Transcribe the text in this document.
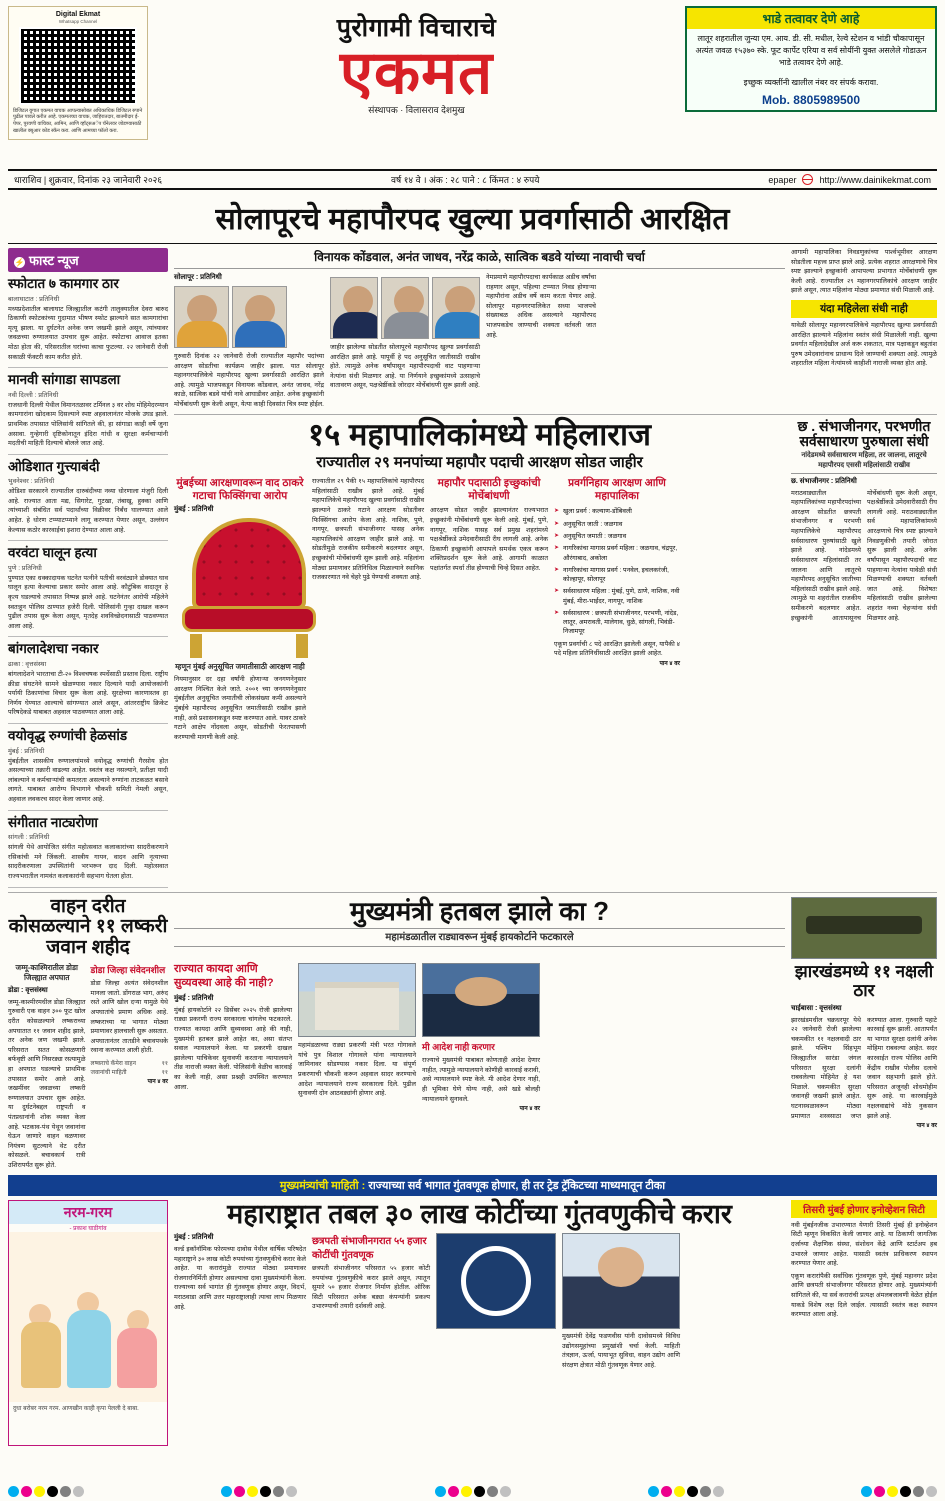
Digital Ekmat
Whatsapp Channel
डिजिटल युगात एकमत वाचक आपल्यासोबत अधिकाधिक डिजिटल रुपाने पुढील पावले करीत आहे. एकमतच्या वाचक, जाहिरातदार, बातमीदार ई-पेपर, पुरवणी वाचिका, आमिन, आणि व्हॉट्सअॅप चॅनेलवर जोडण्यासाठी खालील क्यूआर कोड स्कॅन करा. आणि आमच्या फॉलो करा.
पुरोगामी विचाराचे
एकमत
संस्थापक · विलासराव देशमुख
भाडे तत्वावर देणे आहे
लातूर शहरातील जुन्या एम. आय. डी. सी. मधील, रेल्वे स्टेशन व भांडी चौकापासून अत्यंत जवळ १५३७० स्के. फूट कार्पेट एरिया व सर्व सोयींनी युक्त असलेले गोडाऊन भाडे तत्वावर देणे आहे.
इच्छुक व्यक्तींनी खालील नंबर वर संपर्क करावा.
Mob. 8805989500
धाराशिव | शुक्रवार, दिनांक २३ जानेवारी २०२६	वर्ष १४ वे । अंक : २८ पाने : ८ किंमत : ४ रुपये	epaper	http://www.dainikekmat.com
सोलापूरचे महापौरपद खुल्या प्रवर्गासाठी आरक्षित
⚡ फास्ट न्यूज
स्फोटात ७ कामगार ठार
बालाघाटात : प्रतिनिधी
मध्यप्रदेशातील बालाघाट जिल्ह्यातील कटंगी तालुक्यातील देवरा बारुद ठिकाणी स्फोटकांच्या गुदामात भीषण स्फोट झाल्याने सात कामगारांचा मृत्यू झाला. या दुर्घटनेत अनेक जण जखमी झाले असून, त्यांच्यावर जवळच्या रुग्णालयात उपचार सुरू आहेत. स्फोटाचा आवाज इतका मोठा होता की, परिसरातील घरांच्या काचा फुटल्या. २२ जानेवारी रोजी सकाळी फॅक्टरी काम करीत होते.
मानवी सांगाडा सापडला
नवी दिल्ली : प्रतिनिधी
राजधानी दिल्ली येथील विमानतळावर टर्मिनल ३ वर शोध मोहिमेदरम्यान कामगारांना खोदकाम दिसल्याने स्पष्ट अहवालानंतर मोजके उघड झाले. प्राथमिक तपासात पोलिसांनी सांगितले की, हा सांगाडा काही वर्षे जुना असावा. गुन्हेगारी दृष्टिकोनातून इंदिरा गांधी व सुरक्षा कर्मचाऱ्यांनी मदतीची माहिती दिल्याचे बोलले जात आहे.
ओडिशात गुत्त्याबंदी
भुवनेश्वर : प्रतिनिधी
ओडिशा सरकारने राज्यातील दारुबंदीच्या नव्या धोरणाला मंजुरी दिली आहे. राज्यात आता मद्य, सिगारेट, गुटखा, तंबाखू, हुक्का आणि त्यांच्याशी संबंधित सर्व पदार्थांच्या विक्रीवर निर्बंध घालण्यात आले आहेत. हे धोरण टप्प्याटप्प्याने लागू करण्यात येणार असून, उल्लंघन केल्यास कठोर कारवाईचा इशारा देण्यात आला आहे.
वरवंटा घालून हत्या
पुणे : प्रतिनिधी
पुण्यात एका धक्कादायक घटनेत पत्नीने पतीची वरवंट्याने डोक्यात घाव घालून हत्या केल्याचा प्रकार समोर आला आहे. कौटुंबिक वादातून हे कृत्य घडल्याचे तपासात निष्पन्न झाले आहे. घटनेनंतर आरोपी महिलेने स्वतःहून पोलिस ठाण्यात हजेरी दिली. पोलिसांनी गुन्हा दाखल करून पुढील तपास सुरू केला असून, मृतदेह शवविच्छेदनासाठी पाठवण्यात आला आहे.
बांगलादेशचा नकार
ढाका : वृत्तसंस्था
बांगलादेशने भारताचा टी-२० विश्वचषक स्पर्धेसाठी प्रस्ताव दिला. राष्ट्रीय क्रीडा संघटनेने सामने खेळण्यास नकार दिल्याने यादी आयोजकांनी पर्यायी ठिकाणांचा विचार सुरू केला आहे. सुरक्षेच्या कारणास्तव हा निर्णय घेण्यात आल्याचे सांगण्यात आले असून, आंतरराष्ट्रीय क्रिकेट परिषदेकडे याबाबत अहवाल पाठवण्यात आला आहे.
वयोवृद्ध रुग्णांची हेळसांड
मुंबई : प्रतिनिधी
मुंबईतील शासकीय रुग्णालयांमध्ये वयोवृद्ध रुग्णांची गैरसोय होत असल्याच्या तक्रारी वाढल्या आहेत. स्वतंत्र कक्ष नसल्याने, प्रतीक्षा यादी लांबल्याने व कर्मचाऱ्यांची कमतरता असल्याने रुग्णांना ताटकळत बसावे लागते. याबाबत आरोग्य विभागाने चौकशी समिती नेमली असून, अहवाल लवकरच सादर केला जाणार आहे.
संगीतात नाट्यरोणा
सांगली : प्रतिनिधी
सांगली येथे आयोजित संगीत महोत्सवात कलाकारांच्या सादरीकरणाने रसिकांची मने जिंकली. शास्त्रीय गायन, वादन आणि नृत्याच्या सादरीकरणाला उपस्थितांनी भरभरून दाद दिली. महोत्सवात राज्यभरातील नामवंत कलाकारांनी सहभाग घेतला होता.
विनायक कोंडवाल, अनंत जाधव, नरेंद्र काळे, सात्विक बडवे यांच्या नावाची चर्चा
सोलापूर : प्रतिनिधी
गुरुवारी दिनांक २२ जानेवारी रोजी राज्यातील महापौर पदांच्या आरक्षण सोडतीचा कार्यक्रम जाहीर झाला. यात सोलापूर महानगरपालिकेचे महापौरपद खुल्या प्रवर्गासाठी आरक्षित झाले आहे. त्यामुळे भाजपकडून विनायक कोंडवाल, अनंत जाधव, नरेंद्र काळे, सात्विक बडवे यांची नावे आघाडीवर आहेत. अनेक इच्छुकांनी मोर्चेबांधणी सुरू केली असून, येत्या काही दिवसांत चित्र स्पष्ट होईल.
जाहीर झालेल्या सोडतीत सोलापूरचे महापौरपद खुल्या प्रवर्गासाठी आरक्षित झाले आहे. यापूर्वी हे पद अनुसूचित जातीसाठी राखीव होते. त्यामुळे अनेक वर्षांपासून महापौरपदाची वाट पाहणाऱ्या नेत्यांना संधी मिळणार आहे. या निर्णयाने इच्छुकांमध्ये उत्साहाचे वातावरण असून, पक्षश्रेष्ठींकडे जोरदार मोर्चेबांधणी सुरू झाली आहे.
नेमप्रमाणे महापौरपदाचा कार्यकाळ अडीच वर्षांचा राहणार असून, पहिल्या टप्प्यात निवड होणाऱ्या महापौरांना अडीच वर्षे काम करता येणार आहे. सोलापूर महानगरपालिकेत सध्या भाजपचे संख्याबळ अधिक असल्याने महापौरपद भाजपकडेच जाण्याची शक्यता वर्तवली जात आहे.
आगामी महापालिका निवडणुकांच्या पार्श्वभूमीवर आरक्षण सोडतीला महत्त्व प्राप्त झाले आहे. प्रत्येक शहरात आरक्षणाचे चित्र स्पष्ट झाल्याने इच्छुकांनी आपापल्या प्रभागात मोर्चेबांधणी सुरू केली आहे. राज्यातील २९ महानगरपालिकांचे आरक्षण जाहीर झाले असून, त्यात महिलांना मोठ्या प्रमाणात संधी मिळाली आहे.
यंदा महिलेला संधी नाही
यावेळी सोलापूर महानगरपालिकेचे महापौरपद खुल्या प्रवर्गासाठी आरक्षित झाल्याने महिलांना स्वतंत्र संधी मिळालेली नाही. खुल्या प्रवर्गात महिलादेखील अर्ज करू शकतात, मात्र पक्षाकडून बहुतांश पुरुष उमेदवारांनाच प्राधान्य दिले जाण्याची शक्यता आहे. त्यामुळे शहरातील महिला नेत्यांमध्ये काहीशी नाराजी व्यक्त होत आहे.
१५ महापालिकांमध्ये महिलाराज
राज्यातील २९ मनपांच्या महापौर पदाची आरक्षण सोडत जाहीर
मुंबईच्या आरक्षणावरून वाद ठाकरे गटाचा फिक्सिंगचा आरोप
मुंबई : प्रतिनिधी
म्हणून मुंबई अनुसूचित जमातीसाठी आरक्षण नाही
नियमानुसार दर दहा वर्षांनी होणाऱ्या जनगणनेनुसार आरक्षण निश्चित केले जाते. २००१ च्या जनगणनेनुसार मुंबईतील अनुसूचित जमातीची लोकसंख्या कमी असल्याने मुंबईचे महापौरपद अनुसूचित जमातीसाठी राखीव झाले नाही, असे प्रशासनाकडून स्पष्ट करण्यात आले. यावर ठाकरे गटाने आक्षेप नोंदवला असून, सोडतीची फेरतपासणी करण्याची मागणी केली आहे.
राज्यातील २९ पैकी १५ महापालिकांचे महापौरपद महिलांसाठी राखीव झाले आहे. मुंबई महापालिकेचे महापौरपद खुल्या प्रवर्गासाठी राखीव झाल्याने ठाकरे गटाने आरक्षण सोडतीवर फिक्सिंगचा आरोप केला आहे. नाशिक, पुणे, नागपूर, छत्रपती संभाजीनगर यासह अनेक महापालिकांचे आरक्षण जाहीर झाले आहे. या सोडतीमुळे राजकीय समीकरणे बदलणार असून, इच्छुकांची मोर्चेबांधणी सुरू झाली आहे. महिलांना मोठ्या प्रमाणावर प्रतिनिधित्व मिळाल्याने स्थानिक राजकारणात नवे चेहरे पुढे येण्याची शक्यता आहे.
महापौर पदासाठी इच्छुकांची मोर्चेबांधणी
आरक्षण सोडत जाहीर झाल्यानंतर राज्यभरात इच्छुकांनी मोर्चेबांधणी सुरू केली आहे. मुंबई, पुणे, नागपूर, नाशिक यासह सर्व प्रमुख शहरांमध्ये पक्षश्रेष्ठींकडे उमेदवारीसाठी रीघ लागली आहे. अनेक ठिकाणी इच्छुकांनी आपापले समर्थक एकत्र करून शक्तिप्रदर्शन सुरू केले आहे. आगामी काळात पक्षांतर्गत स्पर्धा तीव्र होण्याची चिन्हे दिसत आहेत.
प्रवर्गनिहाय आरक्षण आणि महापालिका
➤ खुला प्रवर्ग : कल्याण-डोंबिवली
➤ अनुसूचित जाती : जळगाव
➤ अनुसूचित जमाती : जळगाव
➤ नागरिकांचा मागास प्रवर्ग महिला : जळगाव, चंद्रपूर, औरंगाबाद, अकोला
➤ नागरिकांचा मागास प्रवर्ग : पनवेल, इचलकरंजी, कोल्हापूर, सोलापूर
➤ सर्वसाधारण महिला : मुंबई, पुणे, ठाणे, नाशिक, नवी मुंबई, मीरा-भाईंदर, नागपूर, नाशिक
➤ सर्वसाधारण : छत्रपती संभाजीनगर, परभणी, नांदेड, लातूर, अमरावती, मालेगाव, धुळे, सांगली, भिवंडी-निजामपूर
एकूण प्रवर्गाची ८ पदे आरक्षित झालेली असून, यापैकी ४ पदे महिला प्रतिनिधींसाठी आरक्षित झाली आहेत.
पान ४ वर
छ . संभाजीनगर, परभणीत सर्वसाधारण पुरुषाला संधी
नांदेडमध्ये सर्वसाधारण महिला, तर जालना, लातूरचे महापौरपद एससी महिलांसाठी राखीव
छ. संभाजीनगर : प्रतिनिधी
मराठवाड्यातील महापालिकांच्या महापौरपदांच्या आरक्षण सोडतीत छत्रपती संभाजीनगर व परभणी महापालिकेचे महापौरपद सर्वसाधारण पुरुषांसाठी खुले झाले आहे. नांदेडमध्ये सर्वसाधारण महिलांसाठी तर जालना आणि लातूरचे महापौरपद अनुसूचित जातीच्या महिलांसाठी राखीव झाले आहे. त्यामुळे या शहरांतील राजकीय समीकरणे बदलणार आहेत. इच्छुकांनी आतापासूनच मोर्चेबांधणी सुरू केली असून, पक्षश्रेष्ठींकडे उमेदवारीसाठी रीघ लागली आहे. मराठवाड्यातील सर्व महापालिकांमध्ये आरक्षणाचे चित्र स्पष्ट झाल्याने निवडणुकीची तयारी जोरात सुरू झाली आहे. अनेक वर्षांपासून महापौरपदाची वाट पाहणाऱ्या नेत्यांना यावेळी संधी मिळण्याची शक्यता वर्तवली जात आहे. विशेषतः महिलांसाठी राखीव झालेल्या शहरांत नव्या चेहऱ्यांना संधी मिळणार आहे.
वाहन दरीत कोसळल्याने ११ लष्करी जवान शहीद
मुख्यमंत्री हतबल झाले का ?
महामंडळातील राड्यावरून मुंबई हायकोर्टाने फटकारले
जम्मू-काश्मिरातील डोडा जिल्ह्यात अपघात
डोडा : वृत्तसंस्था
जम्मू-काश्मीरमधील डोडा जिल्ह्यात गुरुवारी एक वाहन ३०० फूट खोल दरीत कोसळल्याने लष्कराच्या अपघातात ११ जवान शहीद झाले, तर अनेक जण जखमी झाले. परिसरात सतत कोसळणारी बर्फवृष्टी आणि निसरड्या रस्त्यामुळे हा अपघात घडल्याचे प्राथमिक तपासात समोर आले आहे. जखमींवर जवळच्या लष्करी रुग्णालयात उपचार सुरू आहेत. या दुर्घटनेबद्दल राष्ट्रपती व पंतप्रधानांनी शोक व्यक्त केला आहे. भटकाव-पंथ येथून जवानांना घेऊन जाणारे वाहन वळणावर नियंत्रण सुटल्याने थेट दरीत कोसळले. बचावकार्य रात्री उशिरापर्यंत सुरू होते.
डोडा जिल्हा संवेदनशील
डोडा जिल्हा अत्यंत संवेदनशील मानला जातो. डोंगराळ भाग, अरुंद रस्ते आणि खोल दऱ्या यामुळे येथे अपघातांचे प्रमाण अधिक आहे. लष्कराच्या या भागात मोठ्या प्रमाणावर हालचाली सुरू असतात. अपघातानंतर तातडीने बचावपथके रवाना करण्यात आली होती.
लष्कराचे कॅमेरा वाहन	११
जवानांची माहिती	११
पान ४ वर
राज्यात कायदा आणि सुव्यवस्था आहे की नाही?
मुंबई : प्रतिनिधी
मुंबई हायकोर्टाने २२ डिसेंबर २०२५ रोजी झालेल्या राड्या प्रकरणी राज्य सरकारला चांगलेच फटकारले. राज्यात कायदा आणि सुव्यवस्था आहे की नाही, मुख्यमंत्री हतबल झाले आहेत का, असा संतप्त सवाल न्यायालयाने केला. या प्रकरणी दाखल झालेल्या याचिकेवर सुनावणी करताना न्यायालयाने तीव्र नाराजी व्यक्त केली. पोलिसांनी वेळीच कारवाई का केली नाही, असा प्रश्नही उपस्थित करण्यात आला.
महामंडळाच्या राड्या प्रकरणी मंत्री भरत गोगावले यांचे पुत्र विशाल गोगावले यांना न्यायालयाने जामिनावर सोडण्यास नकार दिला. या संपूर्ण प्रकरणाची चौकशी करून अहवाल सादर करण्याचे आदेश न्यायालयाने राज्य सरकारला दिले. पुढील सुनावणी दोन आठवड्यांनी होणार आहे.
मी आदेश नाही करणार
राज्याचे मुख्यमंत्री याबाबत कोणताही आदेश देणार नाहीत, त्यामुळे न्यायालयाने कोणीही कारवाई करावी, असे न्यायालयाने स्पष्ट केले. मी आदेश देणार नाही, ही भूमिका घेणे योग्य नाही, असे खडे बोलही न्यायालयाने सुनावले.
पान ४ वर
झारखंडमध्ये ११ नक्षली ठार
चाईबासा : वृत्तसंस्था
झारखंडमधील चक्रधरपूर येथे २२ जानेवारी रोजी झालेल्या चकमकीत ११ नक्षलवादी ठार झाले. पश्चिम सिंहभूम जिल्ह्यातील सारंडा जंगल परिसरात सुरक्षा दलांनी राबवलेल्या मोहिमेत हे यश मिळाले. चकमकीत सुरक्षा जवानही जखमी झाले आहेत. घटनास्थळावरून मोठ्या प्रमाणात शस्त्रसाठा जप्त करण्यात आला. गुरुवारी पहाटे कारवाई सुरू झाली. आतापर्यंत या भागात सुरक्षा दलांनी अनेक मोहिमा राबवल्या आहेत. सदर कारवाईत राज्य पोलिस आणि केंद्रीय राखीव पोलीस दलाचे जवान सहभागी झाले होते. परिसरात अजूनही शोधमोहीम सुरू आहे. या कारवाईमुळे नक्षलवाद्यांचे मोठे नुकसान झाले आहे.
पान ४ वर
मुख्यमंत्र्यांची माहिती : राज्याच्या सर्व भागात गुंतवणूक होणार, ही तर ट्रेड ट्रॅकिटच्या माध्यमातून टीका
नरम-गरम
- प्रकाश घाडीगांव
दुधा बरोबर नरम गरम. आणखीन काही कृपा पेलली दे बाबा.
महाराष्ट्रात तबल ३० लाख कोटींच्या गुंतवणुकीचे करार
मुंबई : प्रतिनिधी
वर्ल्ड इकॉनॉमिक फोरमच्या दावोस येथील वार्षिक परिषदेत महाराष्ट्राने ३० लाख कोटी रुपयांच्या गुंतवणुकीचे करार केले आहेत. या करारांमुळे राज्यात मोठ्या प्रमाणावर रोजगारनिर्मिती होणार असल्याचा दावा मुख्यमंत्र्यांनी केला. राज्याच्या सर्व भागांत ही गुंतवणूक होणार असून, विदर्भ, मराठवाडा आणि उत्तर महाराष्ट्रालाही त्याचा लाभ मिळणार आहे.
छत्रपती संभाजीनगरात ५५ हजार कोटींची गुंतवणूक
छत्रपती संभाजीनगर परिसरात ५५ हजार कोटी रुपयांच्या गुंतवणुकीचे करार झाले असून, त्यातून सुमारे ५० हजार रोजगार निर्माण होतील. ऑरिक सिटी परिसरात अनेक बड्या कंपन्यांनी प्रकल्प उभारण्याची तयारी दर्शवली आहे.
मुख्यमंत्री देवेंद्र फडणवीस यांनी दावोसमध्ये विविध उद्योगसमूहांच्या प्रमुखांशी चर्चा केली. माहिती तंत्रज्ञान, ऊर्जा, पायाभूत सुविधा, वाहन उद्योग आणि संरक्षण क्षेत्रात मोठी गुंतवणूक येणार आहे.
तिसरी मुंबई होणार इनोव्हेशन सिटी
नवी मुंबईनजीक उभारण्यात येणारी तिसरी मुंबई ही इनोव्हेशन सिटी म्हणून विकसित केली जाणार आहे. या ठिकाणी जागतिक दर्जाच्या शैक्षणिक संस्था, संशोधन केंद्रे आणि स्टार्टअप हब उभारले जाणार आहेत. यासाठी स्वतंत्र प्राधिकरण स्थापन करण्यात येणार आहे.
एकूण करारांपैकी सर्वाधिक गुंतवणूक पुणे, मुंबई महानगर प्रदेश आणि छत्रपती संभाजीनगर परिसरात होणार आहे. मुख्यमंत्र्यांनी सांगितले की, या सर्व करारांची प्रत्यक्ष अंमलबजावणी वेळेत होईल याकडे विशेष लक्ष दिले जाईल. त्यासाठी स्वतंत्र कक्ष स्थापन करण्यात आला आहे.
